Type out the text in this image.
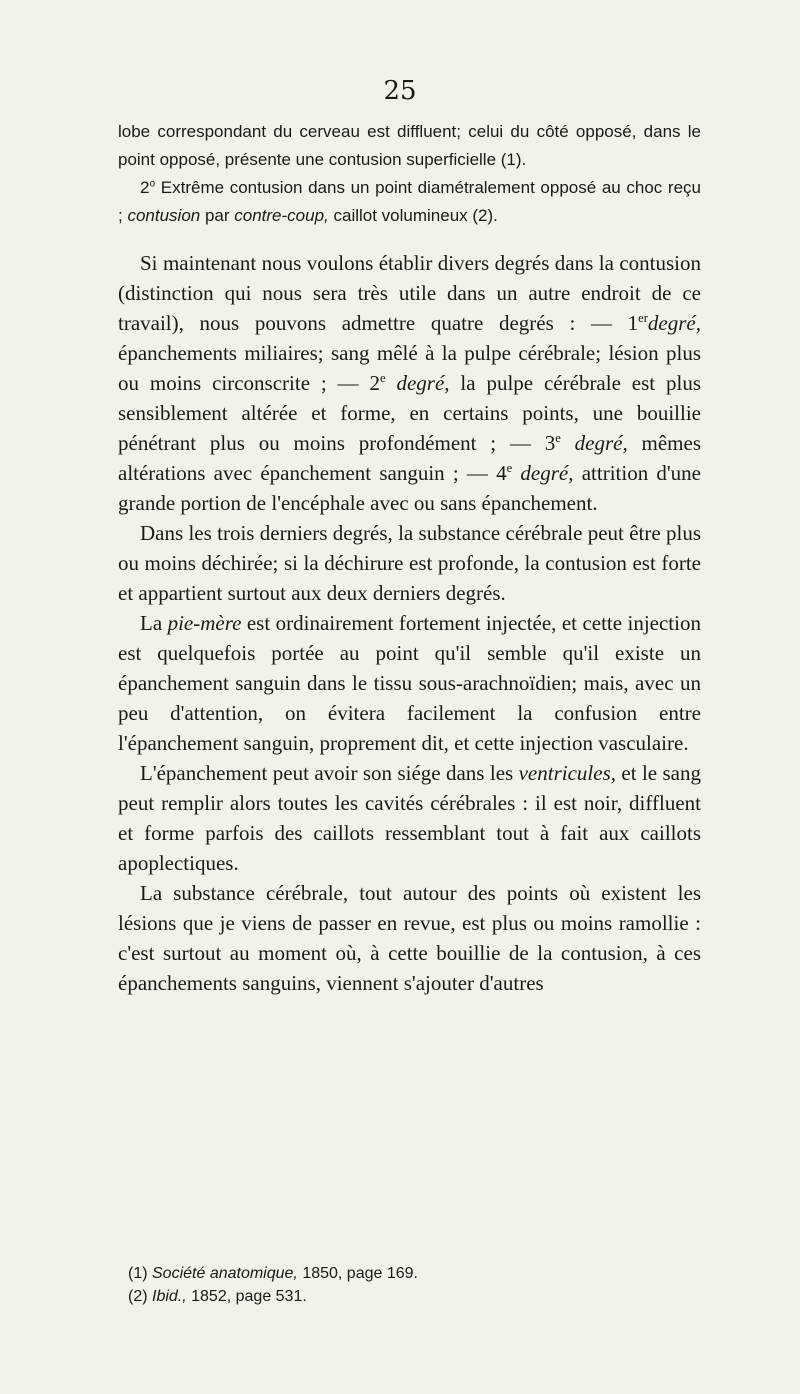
25

lobe correspondant du cerveau est diffluent; celui du côté opposé, dans le point opposé, présente une contusion superficielle (1).

2$^o$ Extrême contusion dans un point diamétralement opposé au choc reçu ; contusion par contre-coup, caillot volumineux (2).

Si maintenant nous voulons établir divers degrés dans la contusion (distinction qui nous sera très utile dans un autre endroit de ce travail), nous pouvons admettre quatre degrés : — 1erdegré, épanchements miliaires; sang mêlé à la pulpe cérébrale; lésion plus ou moins circonscrite ; — 2e degré, la pulpe cérébrale est plus sensiblement altérée et forme, en certains points, une bouillie pénétrant plus ou moins profondément ; — 3e degré, mêmes altérations avec épanchement sanguin ; — 4e degré, attrition d'une grande portion de l'encéphale avec ou sans épanchement.

Dans les trois derniers degrés, la substance cérébrale peut être plus ou moins déchirée; si la déchirure est profonde, la contusion est forte et appartient surtout aux deux derniers degrés.

La pie-mère est ordinairement fortement injectée, et cette injection est quelquefois portée au point qu'il semble qu'il existe un épanchement sanguin dans le tissu sous-arachnoïdien; mais, avec un peu d'attention, on évitera facilement la confusion entre l'épanchement sanguin, proprement dit, et cette injection vasculaire.

L'épanchement peut avoir son siége dans les ventricules, et le sang peut remplir alors toutes les cavités cérébrales : il est noir, diffluent et forme parfois des caillots ressemblant tout à fait aux caillots apoplectiques.

La substance cérébrale, tout autour des points où existent les lésions que je viens de passer en revue, est plus ou moins ramollie : c'est surtout au moment où, à cette bouillie de la contusion, à ces épanchements sanguins, viennent s'ajouter d'autres

(1) Société anatomique, 1850, page 169.

(2) Ibid., 1852, page 531.
